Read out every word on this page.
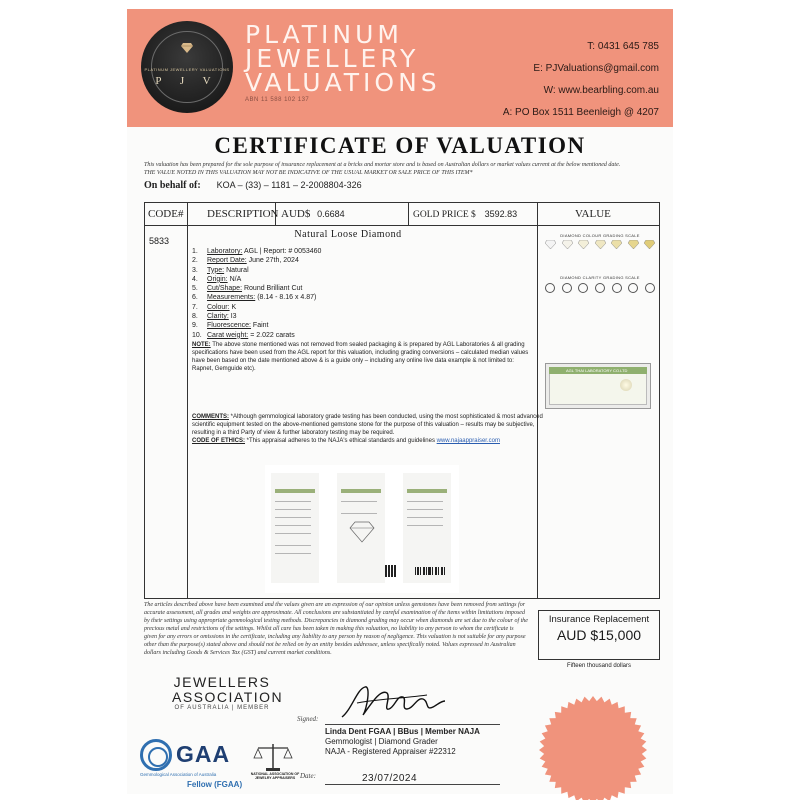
PLATINUM JEWELLERY VALUATIONS
P J V
PLATINUM
JEWELLERY
VALUATIONS
ABN 11 588 102 137
T: 0431 645 785
E: PJValuations@gmail.com
W: www.bearbling.com.au
A: PO Box 1511 Beenleigh @ 4207
CERTIFICATE OF VALUATION
This valuation has been prepared for the sole purpose of insurance replacement at a bricks and mortar store and is based on Australian dollars or market values current at the below mentioned date.
THE VALUE NOTED IN THIS VALUATION MAY NOT BE INDICATIVE OF THE USUAL MARKET OR SALE PRICE OF THIS ITEM*
On behalf of: KOA – (33) – 1181 – 2-2008804-326
CODE# DESCRIPTION AUD$ 0.6684	GOLD PRICE $ 3592.83	VALUE
5833
Natural Loose Diamond
1. Laboratory: AGL | Report: # 0053460
2. Report Date: June 27th, 2024
3. Type: Natural
4. Origin: N/A
5. Cut/Shape: Round Brilliant Cut
6. Measurements: (8.14 - 8.16 x 4.87)
7. Colour: K
8. Clarity: I3
9. Fluorescence: Faint
10. Carat weight: = 2.022 carats
NOTE: The above stone mentioned was not removed from sealed packaging & is prepared by AGL Laboratories & all grading specifications have been used from the AGL report for this valuation, including grading conversions – calculated median values have been based on the date mentioned above & is a guide only – including any online live data example & not limited to: Rapnet, Gemguide etc).
COMMENTS: *Although gemmological laboratory grade testing has been conducted, using the most sophisticated & most advanced scientific equipment tested on the above-mentioned gemstone stone for the purpose of this valuation – results may be subjective, resulting in a third Party of view & further laboratory testing may be required.
CODE OF ETHICS: *This appraisal adheres to the NAJA's ethical standards and guidelines www.najaappraiser.com
DIAMOND COLOUR GRADING SCALE
DIAMOND CLARITY GRADING SCALE
AGL THAI LABORATORY CO.LTD
The articles described above have been examined and the values given are an expression of our opinion unless gemstones have been removed from settings for accurate assessment, all grades and weights are approximate. All conclusions are substantiated by careful examination of the items within limitations imposed by their settings using appropriate gemmological testing methods. Discrepancies in diamond grading may occur when diamonds are set due to the colour of the precious metal and restrictions of the settings. Whilst all care has been taken in making this valuation, no liability to any person to whom the certificate is given for any errors or omissions in the certificate, including any liability to any person by reason of negligence. This valuation is not suitable for any purpose other than the purpose(s) stated above and should not be relied on by an entity besides addressee, unless specifically noted. Values expressed in Australian dollars including Goods & Services Tax (GST) and current market conditions.
Insurance Replacement
AUD $15,000
Fifteen thousand dollars
JEWELLERS
ASSOCIATION
OF AUSTRALIA | MEMBER
GAA
Gemmological Association of Australia
Fellow (FGAA)
NATIONAL ASSOCIATION OF JEWELRY APPRAISERS
Signed:
Linda Dent FGAA | BBus | Member NAJA
Gemmologist | Diamond Grader
NAJA - Registered Appraiser #22312
Date:	23/07/2024
